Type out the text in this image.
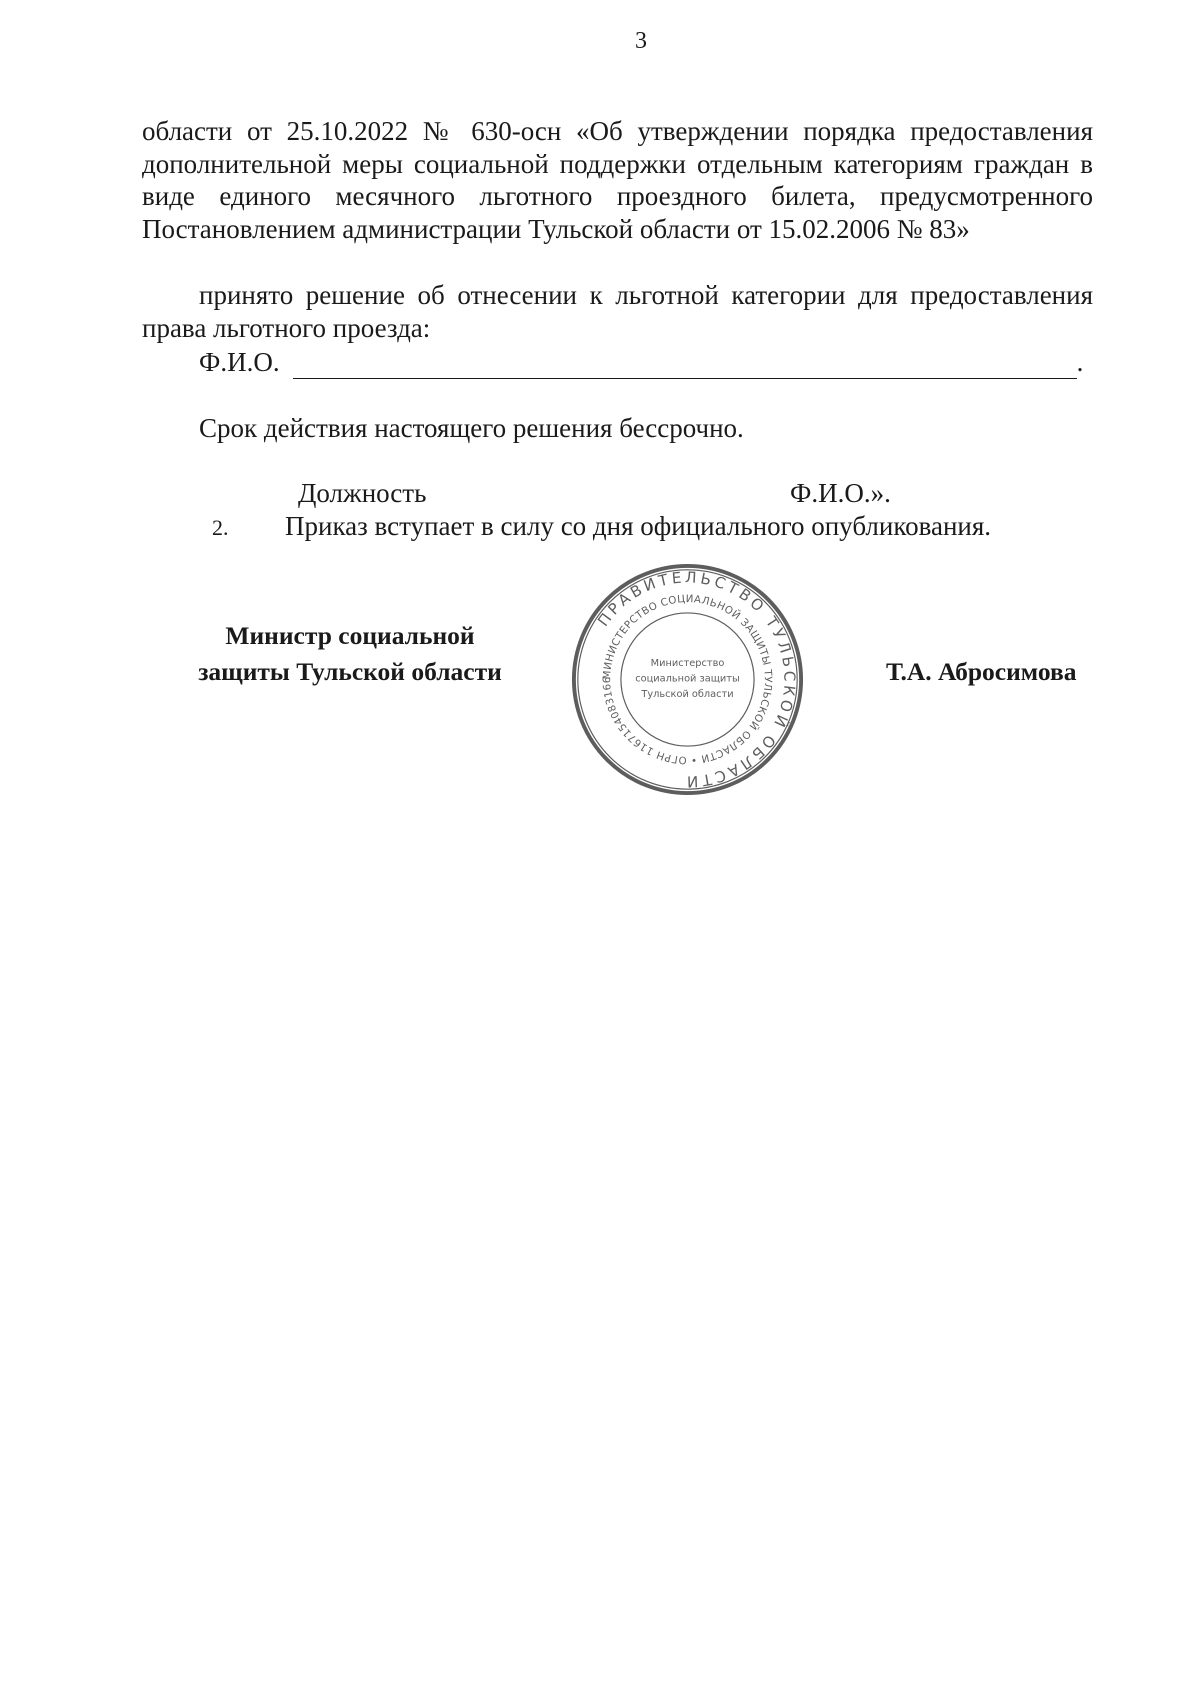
3

области от 25.10.2022 № 630-осн «Об утверждении порядка предоставления дополнительной меры социальной поддержки отдельным категориям граждан в виде единого месячного льготного проездного билета, предусмотренного Постановлением администрации Тульской области от 15.02.2006 № 83»

принято решение об отнесении к льготной категории для предоставления права льготного проезда:

Ф.И.О.	.
Срок действия настоящего решения бессрочно.
Должность	Ф.И.О.».
2. Приказ вступает в силу со дня официального опубликования.
Министр социальной
защиты Тульской области	Т.А. Абросимова
ПРАВИТЕЛЬСТВО ТУЛЬСКОЙ ОБЛАСТИ
МИНИСТЕРСТВО СОЦИАЛЬНОЙ ЗАЩИТЫ ТУЛЬСКОЙ ОБЛАСТИ • ОГРН 1167154083166
Министерство
социальной защиты
Тульской области
